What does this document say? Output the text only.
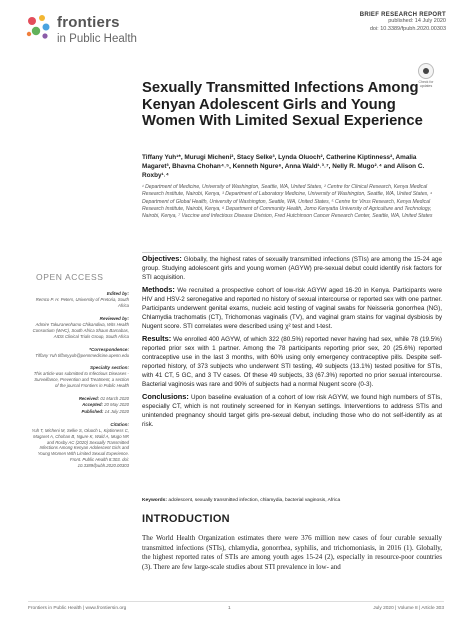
frontiers
in Public Health
BRIEF RESEARCH REPORT
published: 14 July 2020
doi: 10.3389/fpubh.2020.00303
Check for updates
Sexually Transmitted Infections Among Kenyan Adolescent Girls and Young Women With Limited Sexual Experience
Tiffany Yuh¹*, Murugi Micheni², Stacy Selke³, Lynda Oluoch², Catherine Kiptinness², Amalia Magaret³, Bhavna Chohan⁴˒⁵, Kenneth Ngure⁶, Anna Wald¹˒³˒⁷, Nelly R. Mugo²˒⁴ and Alison C. Roxby¹˒⁴
¹ Department of Medicine, University of Washington, Seattle, WA, United States, ² Centre for Clinical Research, Kenya Medical Research Institute, Nairobi, Kenya, ³ Department of Laboratory Medicine, University of Washington, Seattle, WA, United States, ⁴ Department of Global Health, University of Washington, Seattle, WA, United States, ⁵ Centre for Virus Research, Kenya Medical Research Institute, Nairobi, Kenya, ⁶ Department of Community Health, Jomo Kenyatta University of Agriculture and Technology, Nairobi, Kenya, ⁷ Vaccine and Infectious Disease Division, Fred Hutchinson Cancer Research Center, Seattle, WA, United States
OPEN ACCESS
Edited by:
Remco P. H. Peters, University of Pretoria, South Africa
Reviewed by:
Admire Takuranenhamo Chikandiwa, Wits Health Consortium (WHC), South Africa Shaun Barnabas, AIDS Clinical Trials Group, South Africa
*Correspondence:
Tiffany Yuh tiffanyyuh@pennmedicine.upenn.edu
Specialty section:
This article was submitted to Infectious Diseases - Surveillance, Prevention and Treatment, a section of the journal Frontiers in Public Health
Received: 01 March 2020
Accepted: 20 May 2020
Published: 14 July 2020
Citation:
Yuh T, Micheni M, Selke S, Oluoch L, Kiptinness C, Magaret A, Chohan B, Ngure K, Wald A, Mugo NR and Roxby AC (2020) Sexually Transmitted Infections Among Kenyan Adolescent Girls and Young Women With Limited Sexual Experience. Front. Public Health 8:303. doi: 10.3389/fpubh.2020.00303

Objectives: Globally, the highest rates of sexually transmitted infections (STIs) are among the 15-24 age group. Studying adolescent girls and young women (AGYW) pre-sexual debut could identify risk factors for STI acquisition.

Methods: We recruited a prospective cohort of low-risk AGYW aged 16-20 in Kenya. Participants were HIV and HSV-2 seronegative and reported no history of sexual intercourse or reported sex with one partner. Participants underwent genital exams, nucleic acid testing of vaginal swabs for Neisseria gonorrhea (NG), Chlamydia trachomatis (CT), Trichomonas vaginalis (TV), and vaginal gram stains for vaginal dysbiosis by Nugent score. STI correlates were described using χ² test and t-test.

Results: We enrolled 400 AGYW, of which 322 (80.5%) reported never having had sex, while 78 (19.5%) reported prior sex with 1 partner. Among the 78 participants reporting prior sex, 20 (25.6%) reported contraceptive use in the last 3 months, with 60% using only emergency contraceptive pills. Despite self-reported history, of 373 subjects who underwent STI testing, 49 subjects (13.1%) tested positive for STIs, with 41 CT, 5 GC, and 3 TV cases. Of these 49 subjects, 33 (67.3%) reported no prior sexual intercourse. Bacterial vaginosis was rare and 90% of subjects had a normal Nugent score (0-3).

Conclusions: Upon baseline evaluation of a cohort of low risk AGYW, we found high numbers of STIs, especially CT, which is not routinely screened for in Kenyan settings. Interventions to address STIs and unintended pregnancy should target girls pre-sexual debut, including those who do not self-identify as at risk.

Keywords: adolescent, sexually transmitted infection, chlamydia, bacterial vaginosis, Africa
INTRODUCTION

The World Health Organization estimates there were 376 million new cases of four curable sexually transmitted infections (STIs), chlamydia, gonorrhea, syphilis, and trichomoniasis, in 2016 (1). Globally, the highest reported rates of STIs are among youth ages 15-24 (2), especially in resource-poor countries (3). There are few large-scale studies about STI prevalence in low- and

Frontiers in Public Health | www.frontiersin.org	1	July 2020 | Volume 8 | Article 303
